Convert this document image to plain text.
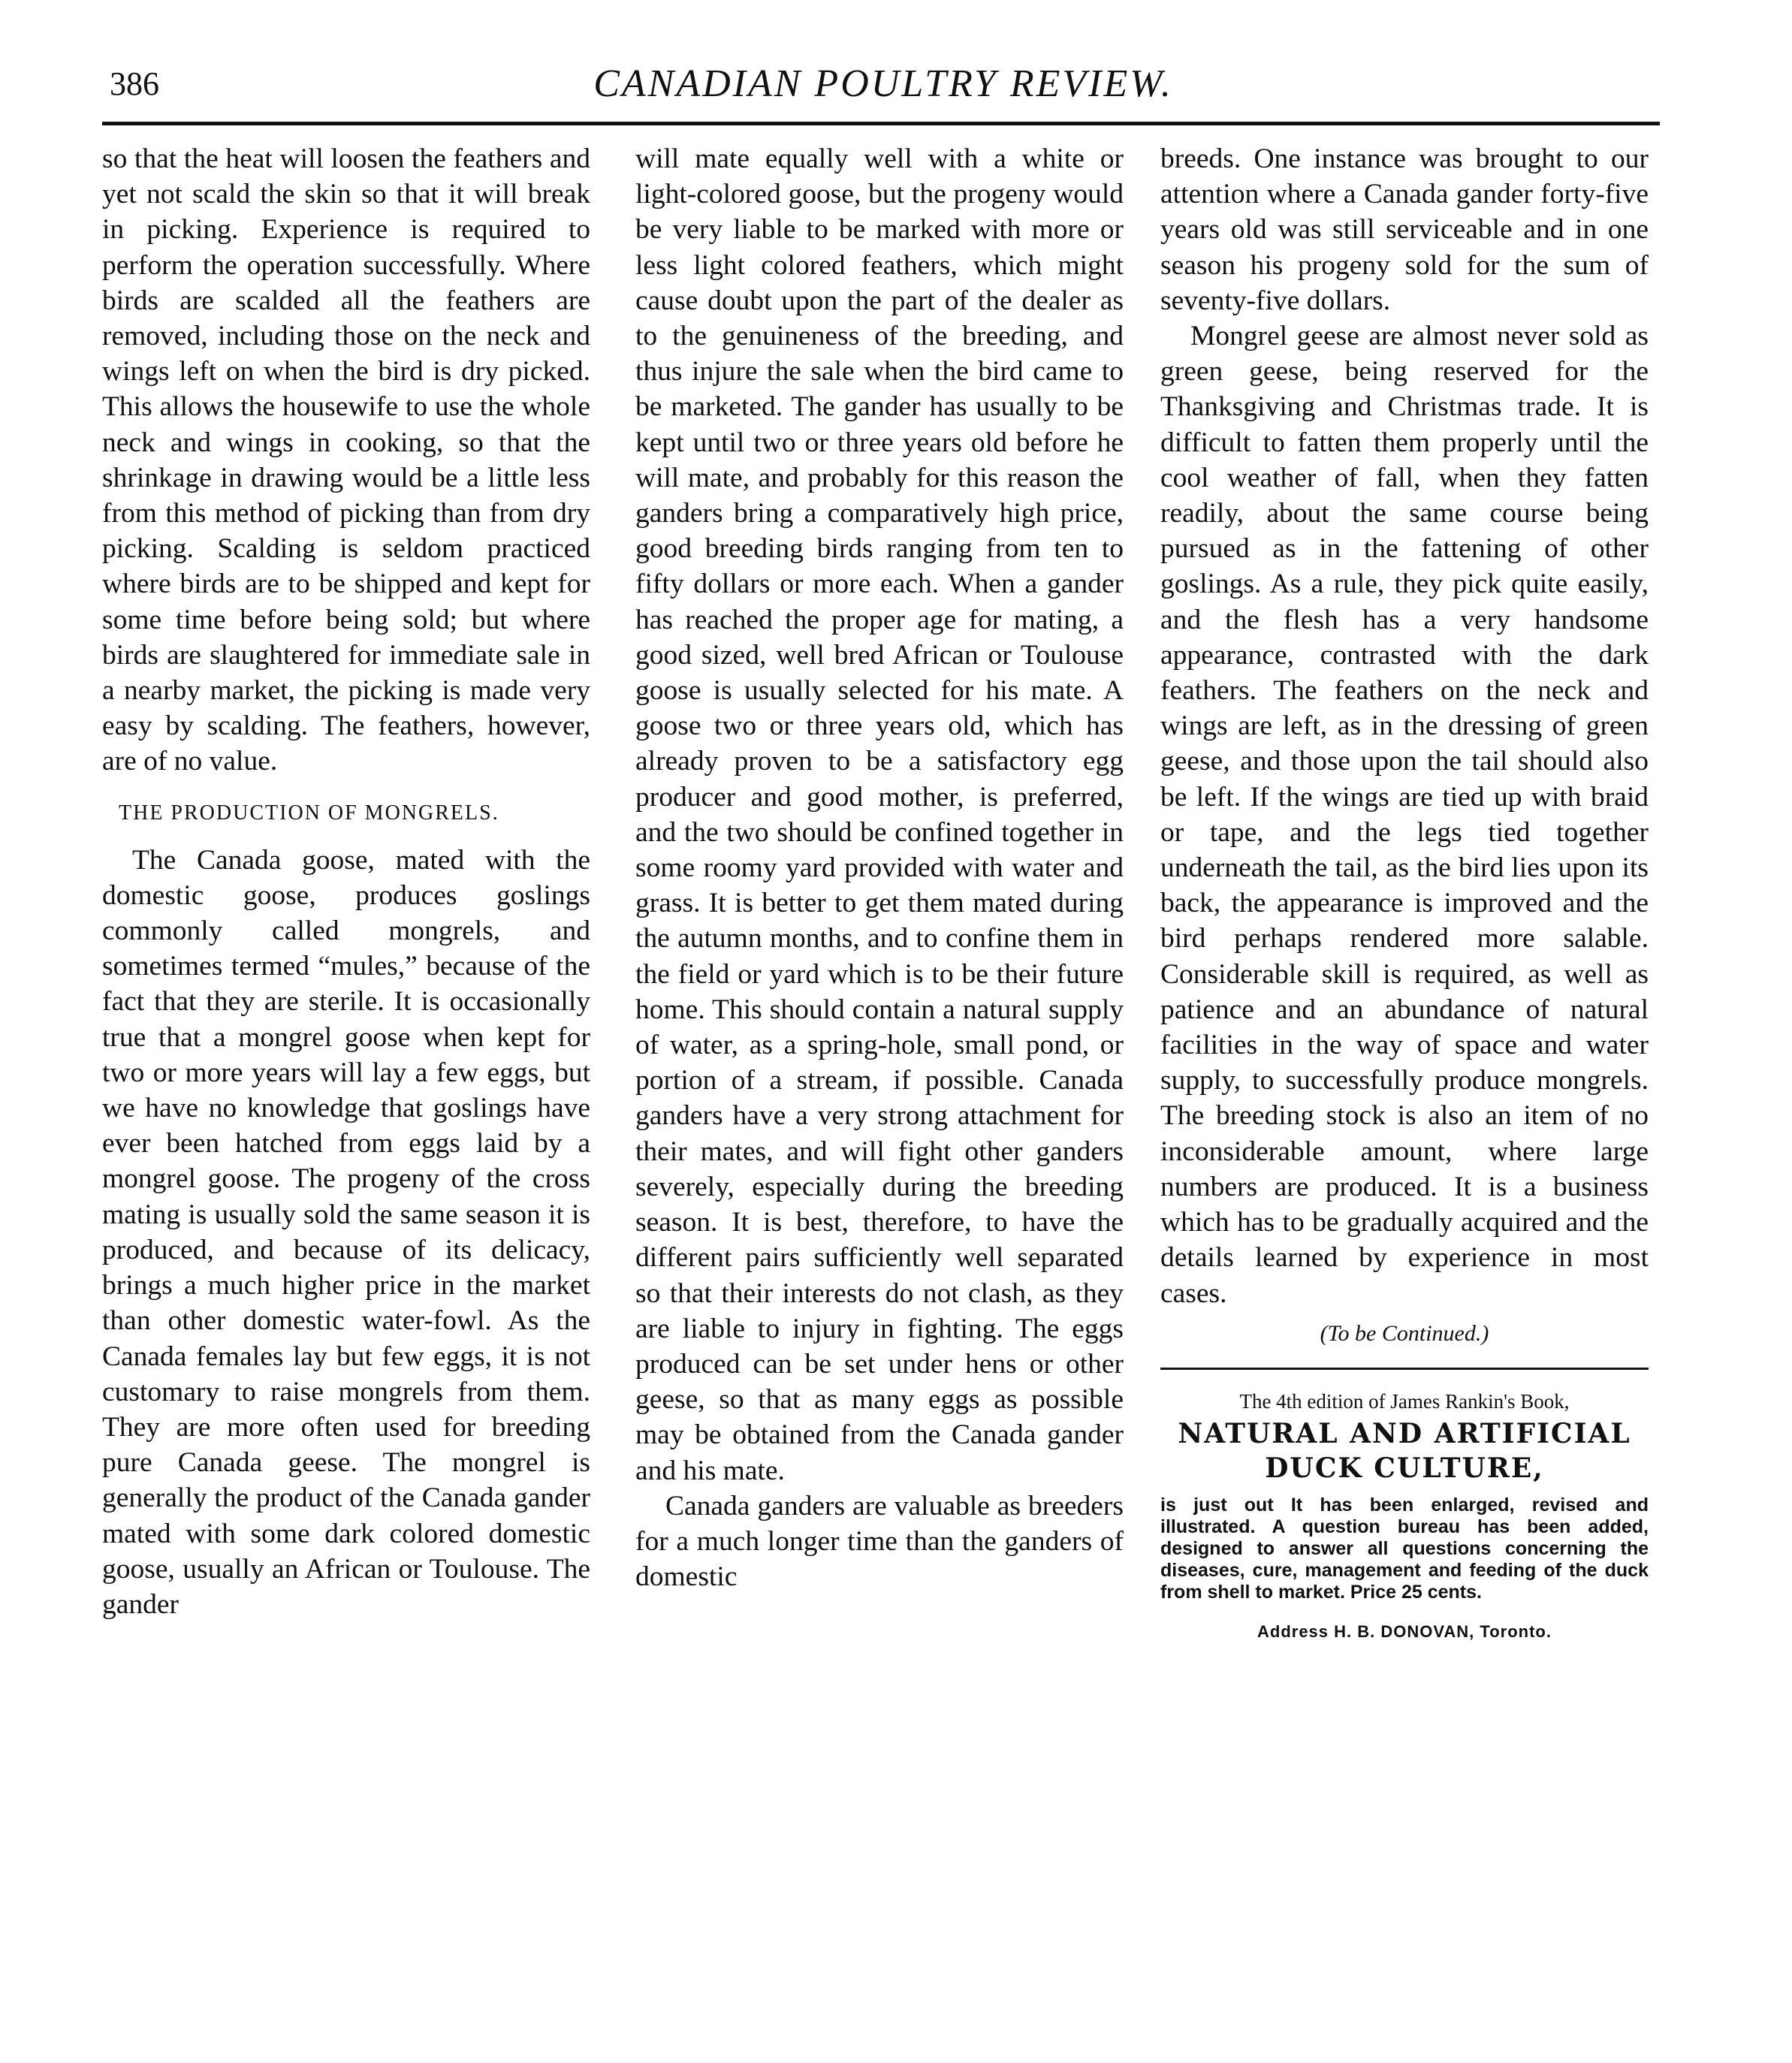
386	CANADIAN POULTRY REVIEW.

so that the heat will loosen the feathers and yet not scald the skin so that it will break in picking. Experience is required to perform the operation successfully. Where birds are scalded all the feathers are removed, including those on the neck and wings left on when the bird is dry picked. This allows the housewife to use the whole neck and wings in cooking, so that the shrinkage in drawing would be a little less from this method of picking than from dry picking. Scalding is seldom practiced where birds are to be shipped and kept for some time before being sold; but where birds are slaughtered for immediate sale in a nearby market, the picking is made very easy by scalding. The feathers, however, are of no value.

THE PRODUCTION OF MONGRELS.

The Canada goose, mated with the domestic goose, produces goslings commonly called mongrels, and sometimes termed “mules,” because of the fact that they are sterile. It is occasionally true that a mongrel goose when kept for two or more years will lay a few eggs, but we have no knowledge that goslings have ever been hatched from eggs laid by a mongrel goose. The progeny of the cross mating is usually sold the same season it is produced, and because of its delicacy, brings a much higher price in the market than other domestic water-fowl. As the Canada females lay but few eggs, it is not customary to raise mongrels from them. They are more often used for breeding pure Canada geese. The mongrel is generally the product of the Canada gander mated with some dark colored domestic goose, usually an African or Toulouse. The gander

will mate equally well with a white or light-colored goose, but the progeny would be very liable to be marked with more or less light colored feathers, which might cause doubt upon the part of the dealer as to the genuineness of the breeding, and thus injure the sale when the bird came to be marketed. The gander has usually to be kept until two or three years old before he will mate, and probably for this reason the ganders bring a comparatively high price, good breeding birds ranging from ten to fifty dollars or more each. When a gander has reached the proper age for mating, a good sized, well bred African or Toulouse goose is usually selected for his mate. A goose two or three years old, which has already proven to be a satisfactory egg producer and good mother, is preferred, and the two should be confined together in some roomy yard provided with water and grass. It is better to get them mated during the autumn months, and to confine them in the field or yard which is to be their future home. This should contain a natural supply of water, as a spring-hole, small pond, or portion of a stream, if possible. Canada ganders have a very strong attachment for their mates, and will fight other ganders severely, especially during the breeding season. It is best, therefore, to have the different pairs sufficiently well separated so that their interests do not clash, as they are liable to injury in fighting. The eggs produced can be set under hens or other geese, so that as many eggs as possible may be obtained from the Canada gander and his mate.

Canada ganders are valuable as breeders for a much longer time than the ganders of domestic

breeds. One instance was brought to our attention where a Canada gander forty-five years old was still serviceable and in one season his progeny sold for the sum of seventy-five dollars.

Mongrel geese are almost never sold as green geese, being reserved for the Thanksgiving and Christmas trade. It is difficult to fatten them properly until the cool weather of fall, when they fatten readily, about the same course being pursued as in the fattening of other goslings. As a rule, they pick quite easily, and the flesh has a very handsome appearance, contrasted with the dark feathers. The feathers on the neck and wings are left, as in the dressing of green geese, and those upon the tail should also be left. If the wings are tied up with braid or tape, and the legs tied together underneath the tail, as the bird lies upon its back, the appearance is improved and the bird perhaps rendered more salable. Considerable skill is required, as well as patience and an abundance of natural facilities in the way of space and water supply, to successfully produce mongrels. The breeding stock is also an item of no inconsiderable amount, where large numbers are produced. It is a business which has to be gradually acquired and the details learned by experience in most cases.

(To be Continued.)
The 4th edition of James Rankin's Book,
NATURAL AND ARTIFICIAL
DUCK CULTURE,
is just out It has been enlarged, revised and illustrated. A question bureau has been added, designed to answer all questions concerning the diseases, cure, management and feeding of the duck from shell to market. Price 25 cents.
Address H. B. DONOVAN, Toronto.
